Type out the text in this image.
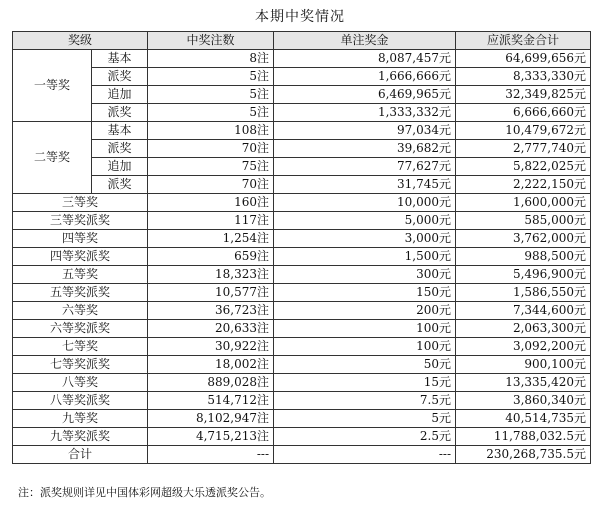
本期中奖情况
奖级		中奖注数	单注奖金	应派奖金合计
一等奖	基本	8注	8,087,457元	64,699,656元
	派奖	5注	1,666,666元	8,333,330元
	追加	5注	6,469,965元	32,349,825元
	派奖	5注	1,333,332元	6,666,660元
二等奖	基本	108注	97,034元	10,479,672元
	派奖	70注	39,682元	2,777,740元
	追加	75注	77,627元	5,822,025元
	派奖	70注	31,745元	2,222,150元
三等奖		160注	10,000元	1,600,000元
三等奖派奖		117注	5,000元	585,000元
四等奖		1,254注	3,000元	3,762,000元
四等奖派奖		659注	1,500元	988,500元
五等奖		18,323注	300元	5,496,900元
五等奖派奖		10,577注	150元	1,586,550元
六等奖		36,723注	200元	7,344,600元
六等奖派奖		20,633注	100元	2,063,300元
七等奖		30,922注	100元	3,092,200元
七等奖派奖		18,002注	50元	900,100元
八等奖		889,028注	15元	13,335,420元
八等奖派奖		514,712注	7.5元	3,860,340元
九等奖		8,102,947注	5元	40,514,735元
九等奖派奖		4,715,213注	2.5元	11,788,032.5元
合计		---	---	230,268,735.5元
注：派奖规则详见中国体彩网超级大乐透派奖公告。
